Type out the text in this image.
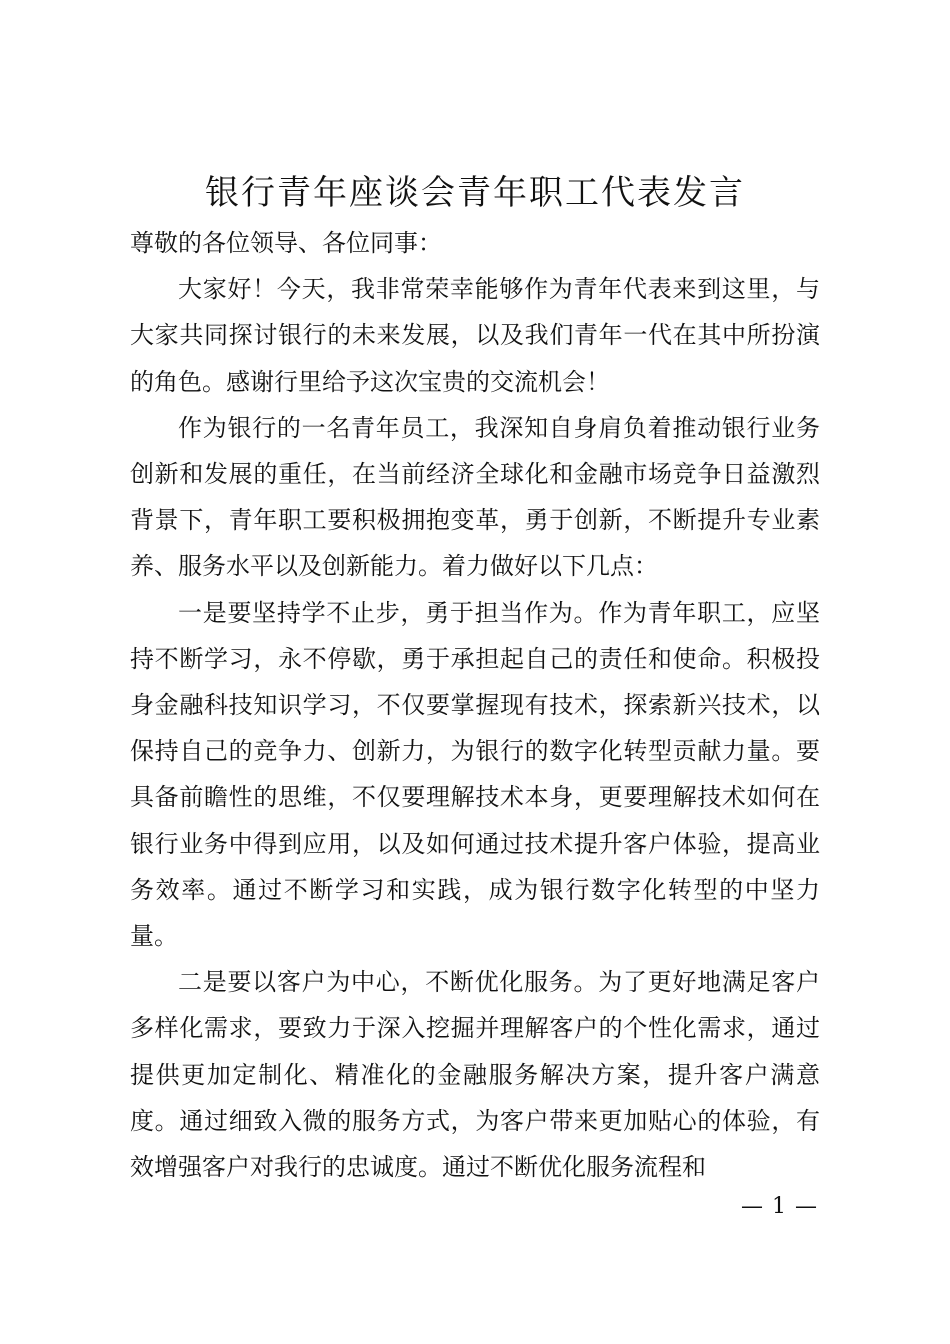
银行青年座谈会青年职工代表发言

尊敬的各位领导、各位同事：

大家好！今天，我非常荣幸能够作为青年代表来到这里，与大家共同探讨银行的未来发展，以及我们青年一代在其中所扮演的角色。感谢行里给予这次宝贵的交流机会！

作为银行的一名青年员工，我深知自身肩负着推动银行业务创新和发展的重任，在当前经济全球化和金融市场竞争日益激烈背景下，青年职工要积极拥抱变革，勇于创新，不断提升专业素养、服务水平以及创新能力。着力做好以下几点：

一是要坚持学不止步，勇于担当作为。作为青年职工，应坚持不断学习，永不停歇，勇于承担起自己的责任和使命。积极投身金融科技知识学习，不仅要掌握现有技术，探索新兴技术，以保持自己的竞争力、创新力，为银行的数字化转型贡献力量。要具备前瞻性的思维，不仅要理解技术本身，更要理解技术如何在银行业务中得到应用，以及如何通过技术提升客户体验，提高业务效率。通过不断学习和实践，成为银行数字化转型的中坚力量。

二是要以客户为中心，不断优化服务。为了更好地满足客户多样化需求，要致力于深入挖掘并理解客户的个性化需求，通过提供更加定制化、精准化的金融服务解决方案，提升客户满意度。通过细致入微的服务方式，为客户带来更加贴心的体验，有效增强客户对我行的忠诚度。通过不断优化服务流程和

— 1 —
